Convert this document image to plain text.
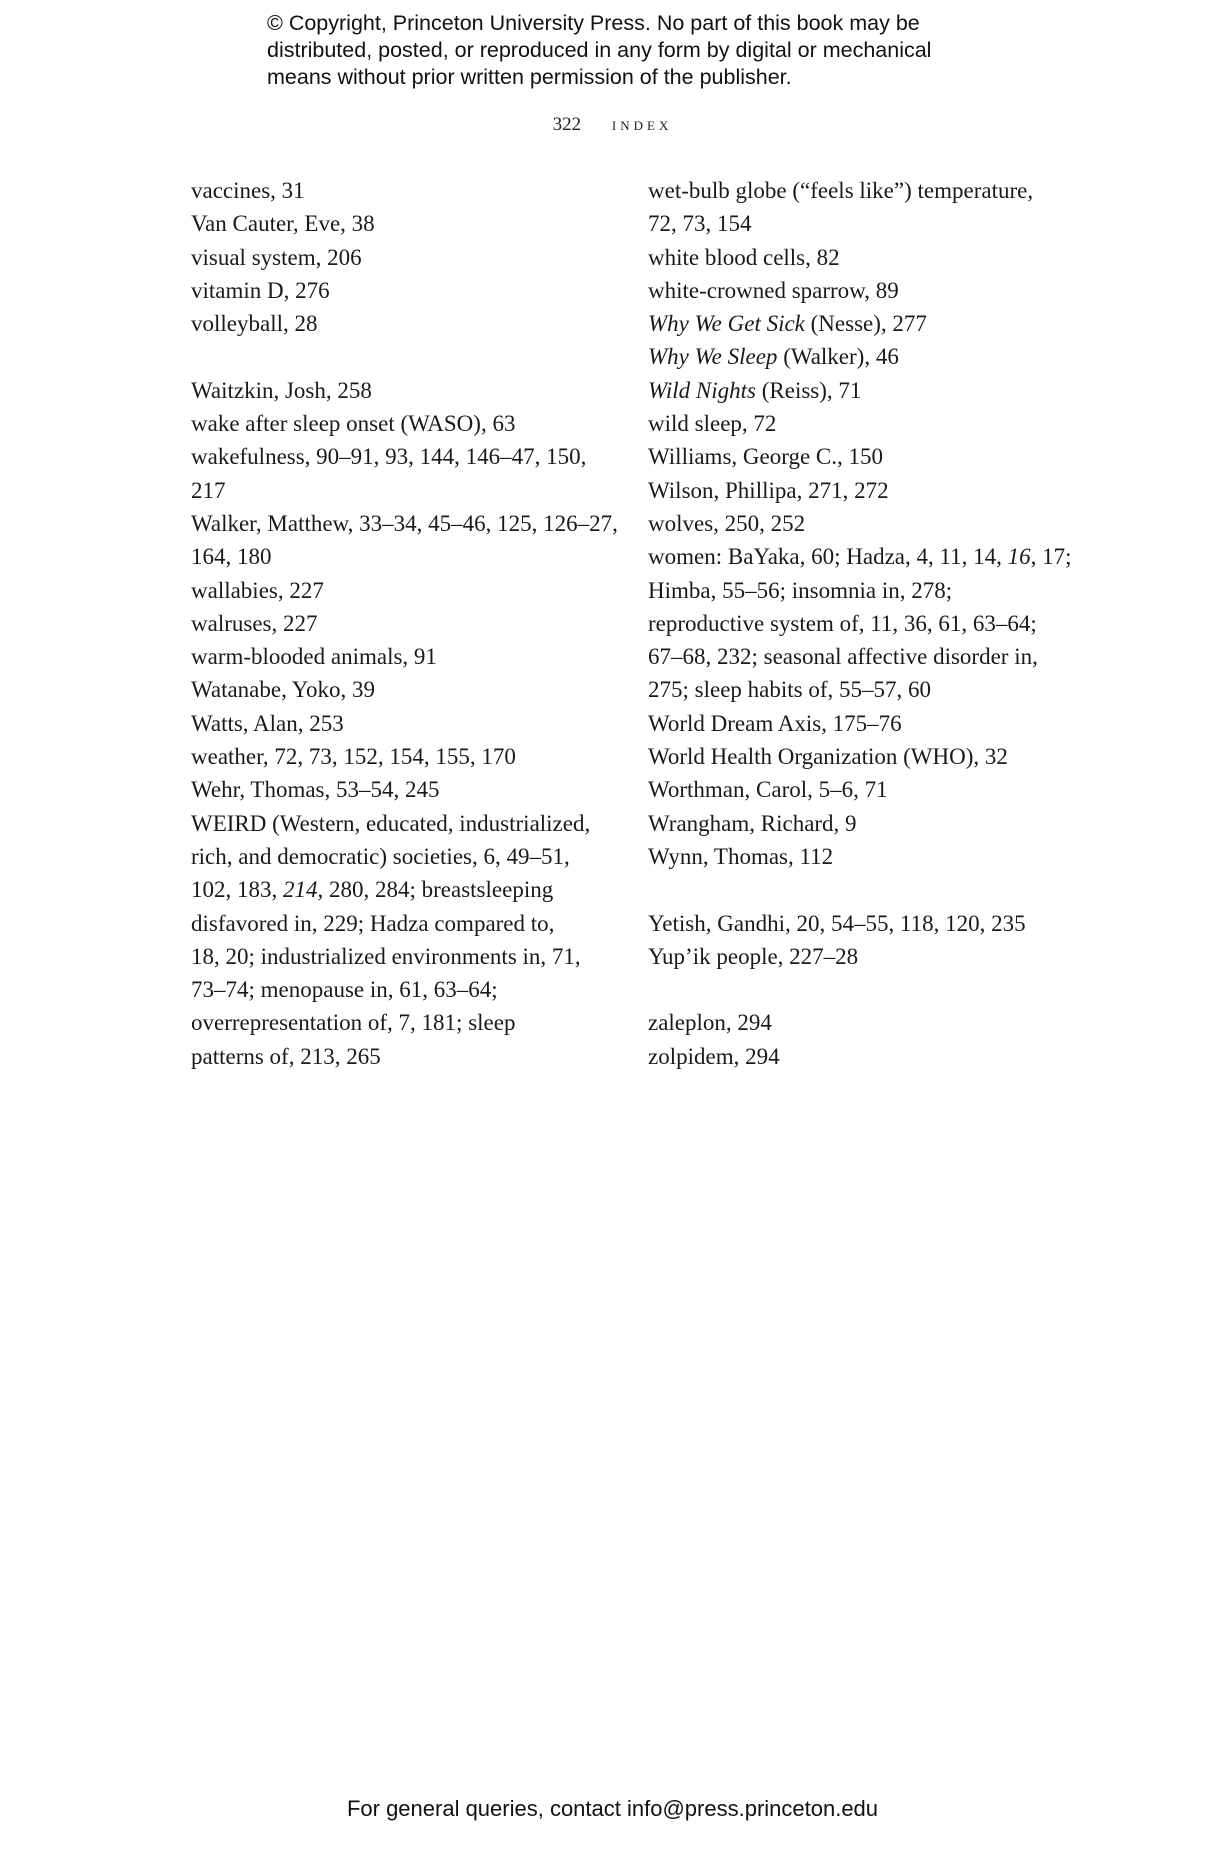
© Copyright, Princeton University Press. No part of this book may be
distributed, posted, or reproduced in any form by digital or mechanical
means without prior written permission of the publisher.
322 index
vaccines, 31
Van Cauter, Eve, 38
visual system, 206
vitamin D, 276
volleyball, 28
Waitzkin, Josh, 258
wake after sleep onset (WASO), 63
wakefulness, 90–91, 93, 144, 146–47, 150,
217
Walker, Matthew, 33–34, 45–46, 125, 126–27,
164, 180
wallabies, 227
walruses, 227
warm-blooded animals, 91
Watanabe, Yoko, 39
Watts, Alan, 253
weather, 72, 73, 152, 154, 155, 170
Wehr, Thomas, 53–54, 245
WEIRD (Western, educated, industrialized,
rich, and democratic) societies, 6, 49–51,
102, 183, 214, 280, 284; breastsleeping
disfavored in, 229; Hadza compared to,
18, 20; industrialized environments in, 71,
73–74; menopause in, 61, 63–64;
overrepresentation of, 7, 181; sleep
patterns of, 213, 265
wet-bulb globe (“feels like”) temperature,
72, 73, 154
white blood cells, 82
white-crowned sparrow, 89
Why We Get Sick (Nesse), 277
Why We Sleep (Walker), 46
Wild Nights (Reiss), 71
wild sleep, 72
Williams, George C., 150
Wilson, Phillipa, 271, 272
wolves, 250, 252
women: BaYaka, 60; Hadza, 4, 11, 14, 16, 17;
Himba, 55–56; insomnia in, 278;
reproductive system of, 11, 36, 61, 63–64;
67–68, 232; seasonal affective disorder in,
275; sleep habits of, 55–57, 60
World Dream Axis, 175–76
World Health Organization (WHO), 32
Worthman, Carol, 5–6, 71
Wrangham, Richard, 9
Wynn, Thomas, 112
Yetish, Gandhi, 20, 54–55, 118, 120, 235
Yup’ik people, 227–28
zaleplon, 294
zolpidem, 294
For general queries, contact info@press.princeton.edu
